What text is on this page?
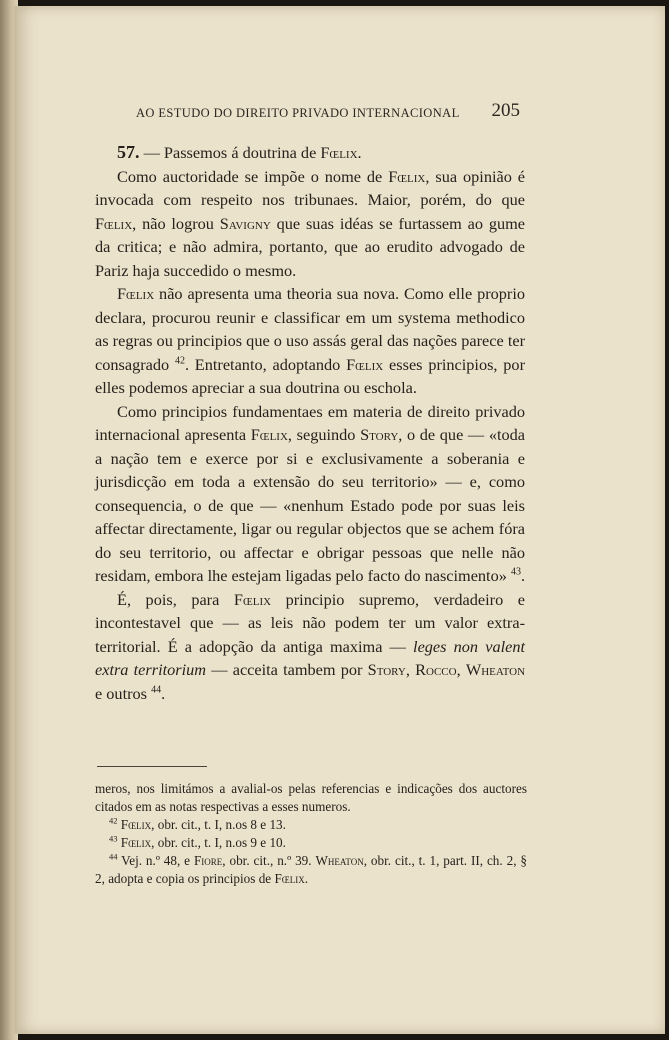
AO ESTUDO DO DIREITO PRIVADO INTERNACIONAL 205

57. — Passemos á doutrina de Fœlix.

Como auctoridade se impõe o nome de Fœlix, sua opinião é invocada com respeito nos tribunaes. Maior, porém, do que Fœlix, não logrou Savigny que suas idéas se furtassem ao gume da critica; e não admira, portanto, que ao erudito advogado de Pariz haja succedido o mesmo.

Fœlix não apresenta uma theoria sua nova. Como elle proprio declara, procurou reunir e classificar em um systema methodico as regras ou principios que o uso assás geral das nações parece ter consagrado $^{42}$. Entretanto, adoptando Fœlix esses principios, por elles podemos apreciar a sua doutrina ou eschola.

Como principios fundamentaes em materia de direito privado internacional apresenta Fœlix, seguindo Story, o de que — «toda a nação tem e exerce por si e exclusivamente a soberania e jurisdicção em toda a extensão do seu territorio» — e, como consequencia, o de que — «nenhum Estado pode por suas leis affectar directamente, ligar ou regular objectos que se achem fóra do seu territorio, ou affectar e obrigar pessoas que nelle não residam, embora lhe estejam ligadas pelo facto do nascimento» $^{43}$.

É, pois, para Fœlix principio supremo, verdadeiro e incontestavel que — as leis não podem ter um valor extra-territorial. É a adopção da antiga maxima — leges non valent extra territorium — acceita tambem por Story, Rocco, Wheaton e outros $^{44}$.

meros, nos limitámos a avalial-os pelas referencias e indicações dos auctores citados em as notas respectivas a esses numeros.

$^{42}$ Fœlix, obr. cit., t. I, n.os 8 e 13.

$^{43}$ Fœlix, obr. cit., t. I, n.os 9 e 10.

$^{44}$ Vej. n.º 48, e Fiore, obr. cit., n.º 39. Wheaton, obr. cit., t. 1, part. II, ch. 2, § 2, adopta e copia os principios de Fœlix.
